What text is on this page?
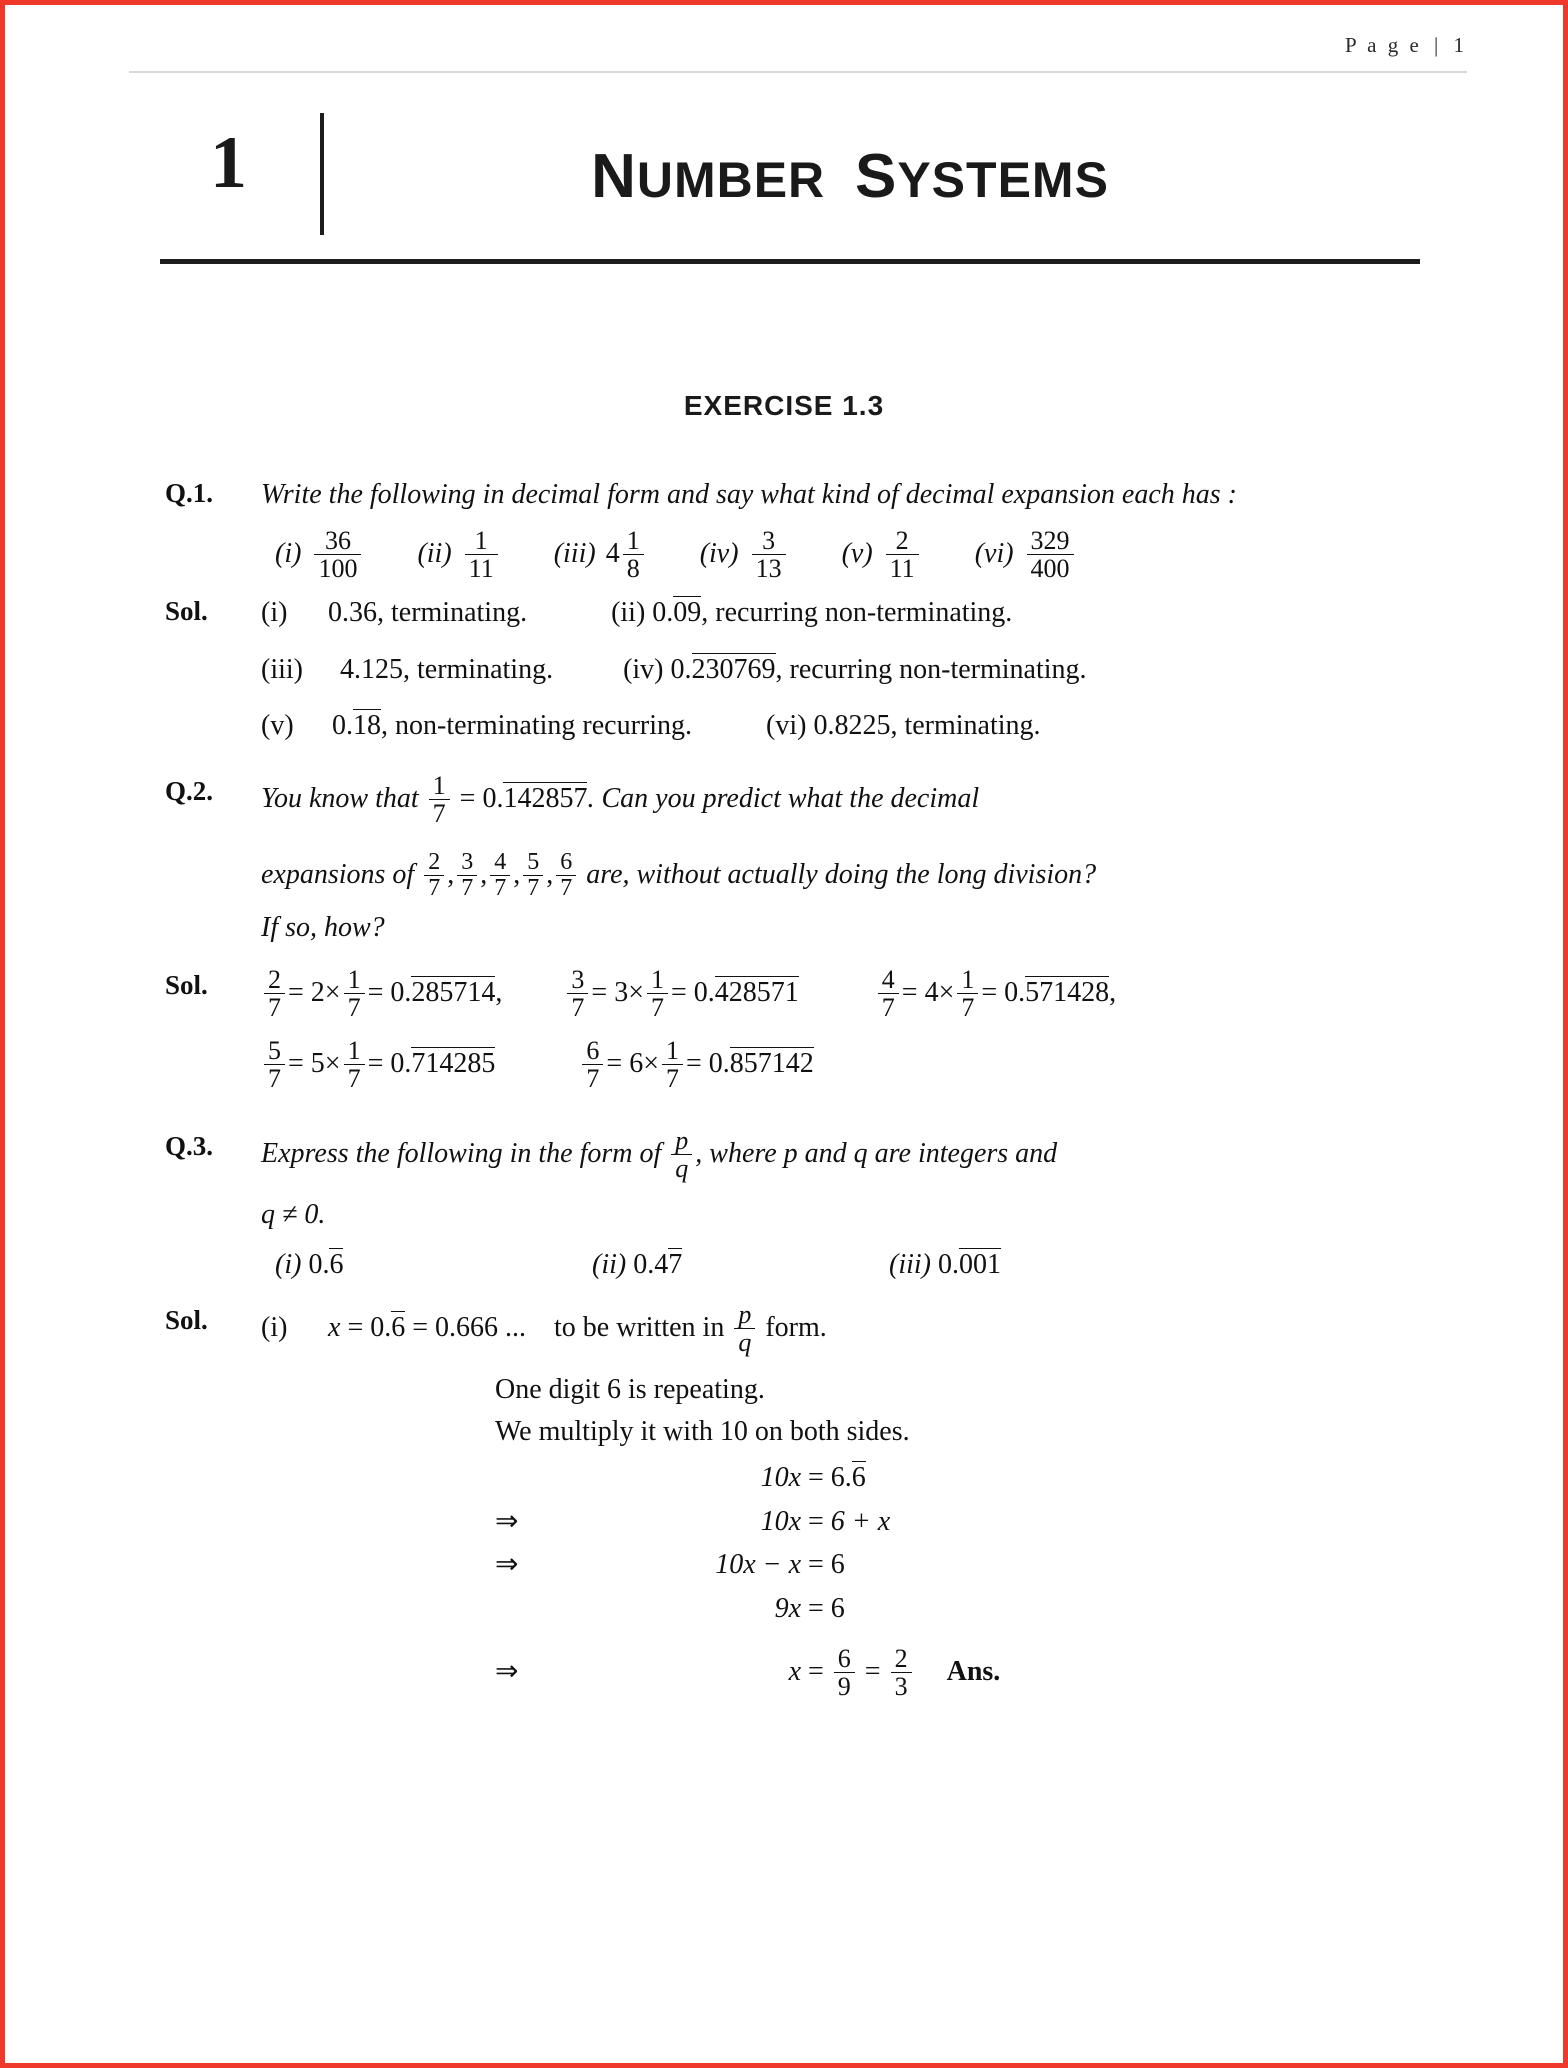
P a g e | 1
1	NUMBER SYSTEMS
EXERCISE 1.3
Q.1. Write the following in decimal form and say what kind of decimal expansion each has :
$(i) \frac{36}{100} (ii) \frac{1}{11} (iii)$ $4 \frac{1}{8} (iv) \frac{3}{13} (v) \frac{2}{11} (vi) \frac{329}{400}$
Sol. (i) 0.36, terminating.	(ii) 0.09, recurring non-terminating.
(iii) 4.125, terminating.	(iv) 0.230769, recurring non-terminating.
(v) 0.18, non-terminating recurring.	(vi) 0.8225, terminating.
Q.2. You know that $\frac{1}{7} = 0.142857$. Can you predict what the decimal
expansions of $\frac{2}{7}$ , $\frac{3}{7}$ , $\frac{4}{7}$ , $\frac{5}{7}$ , $\frac{6}{7}$ are, without actually doing the long division?
If so, how?
Sol. $\frac{2}{7} = 2\times \frac{1}{7} = 0.285714$,	$\frac{3}{7} = 3\times \frac{1}{7} = 0.428571$	$\frac{4}{7} = 4\times \frac{1}{7} = 0.571428$,
$\frac{5}{7} = 5\times \frac{1}{7} = 0.714285$	$\frac{6}{7} = 6\times \frac{1}{7} = 0.857142$
Q.3. Express the following in the form of $\frac{p}{q}$ , where p and q are integers and
q ≠ 0.
(i) 0.6	(ii) 0.47	(iii) 0.001
Sol. (i) x = 0.6 = 0.666 ... to be written in $\frac{p}{q}$ form.
One digit 6 is repeating.
We multiply it with 10 on both sides.
10x = 6.6
⇒	10x = 6 + x
⇒	10x − x = 6
9x = 6
⇒	$x = \frac{6}{9} = \frac{2}{3}$ Ans.
